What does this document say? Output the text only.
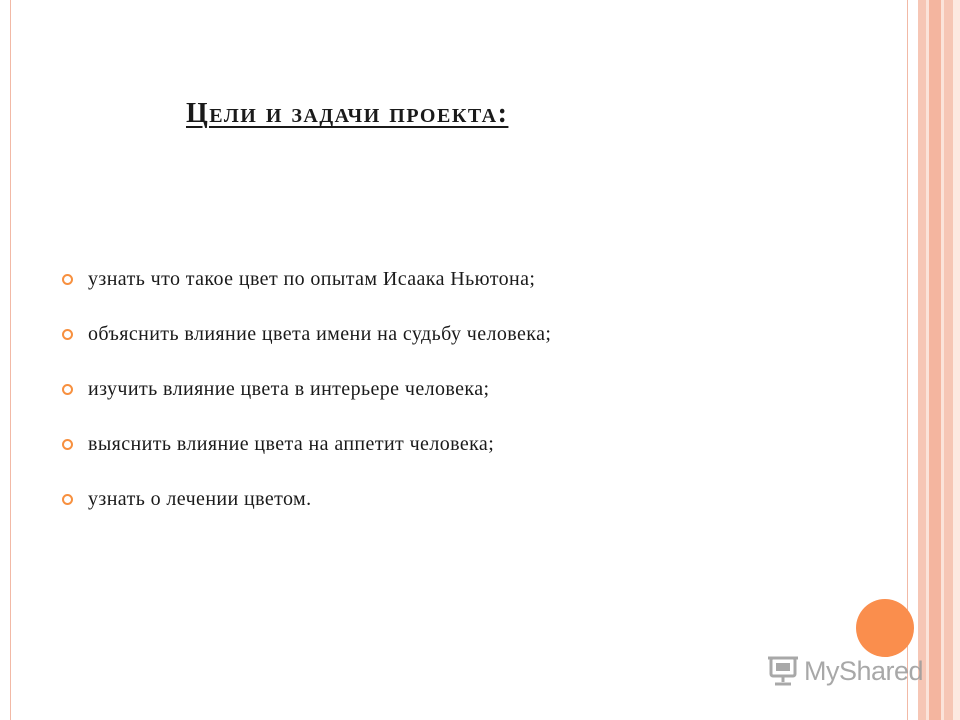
Цели и задачи проекта:
узнать что такое цвет по опытам Исаака Ньютона;
объяснить влияние цвета имени на судьбу человека;
изучить влияние цвета в интерьере человека;
выяснить влияние цвета на аппетит человека;
узнать о лечении цветом.
MyShared
